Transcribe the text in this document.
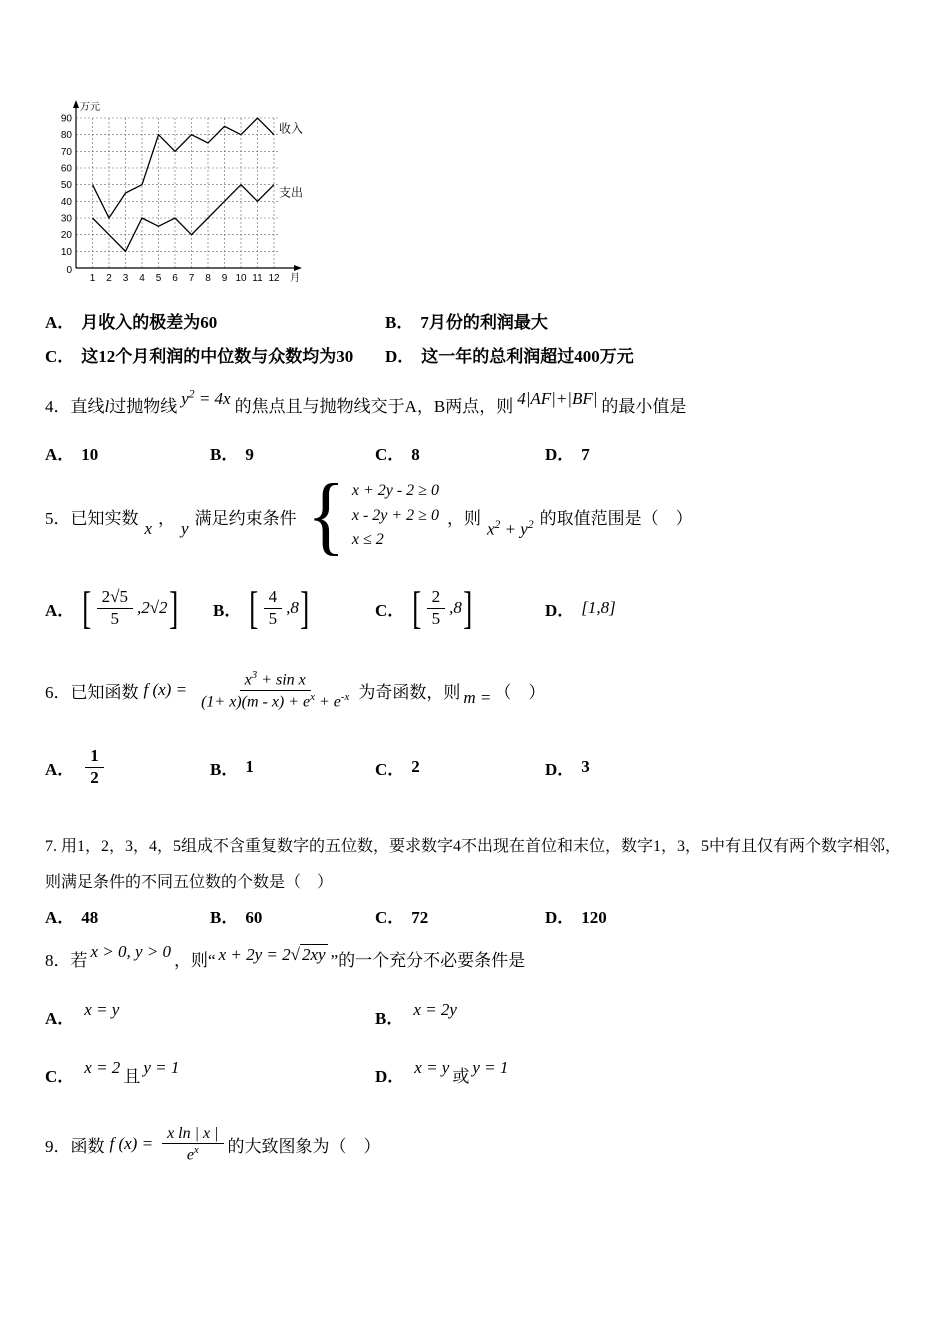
0
10
20
30
40
50
60
70
80
90
1 2 3 4 5 6 7 8 9 10 11 12 月
万元
收入
支出
A． 月收入的极差为60	B． 7月份的利润最大
C． 这12个月利润的中位数与众数均为30 D． 这一年的总利润超过400万元
4．直线l过抛物线 $y^2 = 4x$ 的焦点且与抛物线交于A，B两点，则 4|AF|+|BF| 的最小值是
A． 10	B． 9	C． 8	D． 7
5．已知实数
x
，
y
满足约束条件 { x + 2y - 2 ≥ 0
x - 2y + 2 ≥ 0
x ≤ 2
，则
$x^2 + y^2$ 的取值范围是（　）
A． [ $\frac{2√5}{5} ,2√2$ ] B． [ $\frac{4}{5} ,8$ ]	C． [ $\frac{2}{5} ,8$ ]	D． [1,8]
6．已知函数 f $(x) = \frac{x^3 + \sin x}{(1+ x)(m - x) + e^x + e^{-x}}$ 为奇函数，则 m = （　）
A． $\frac{1}{2}$	B． 1	C． 2	D． 3
7. 用1，2，3，4，5组成不含重复数字的五位数，要求数字4不出现在首位和末位，数字1，3，5中有且仅有两个数字相邻，
则满足条件的不同五位数的个数是（　）
A． 48	B． 60	C． 72	D． 120
8．若 x > 0, y > 0 ，则“ x + 2y = 2 √ 2xy ”的一个充分不必要条件是
A． x = y	B． x = 2y
C． x = 2 且 y = 1	D． x = y 或 y = 1
9．函数 f $(x) = \frac{\text{x ln | x |}}{e^x}$ 的大致图象为（　）
